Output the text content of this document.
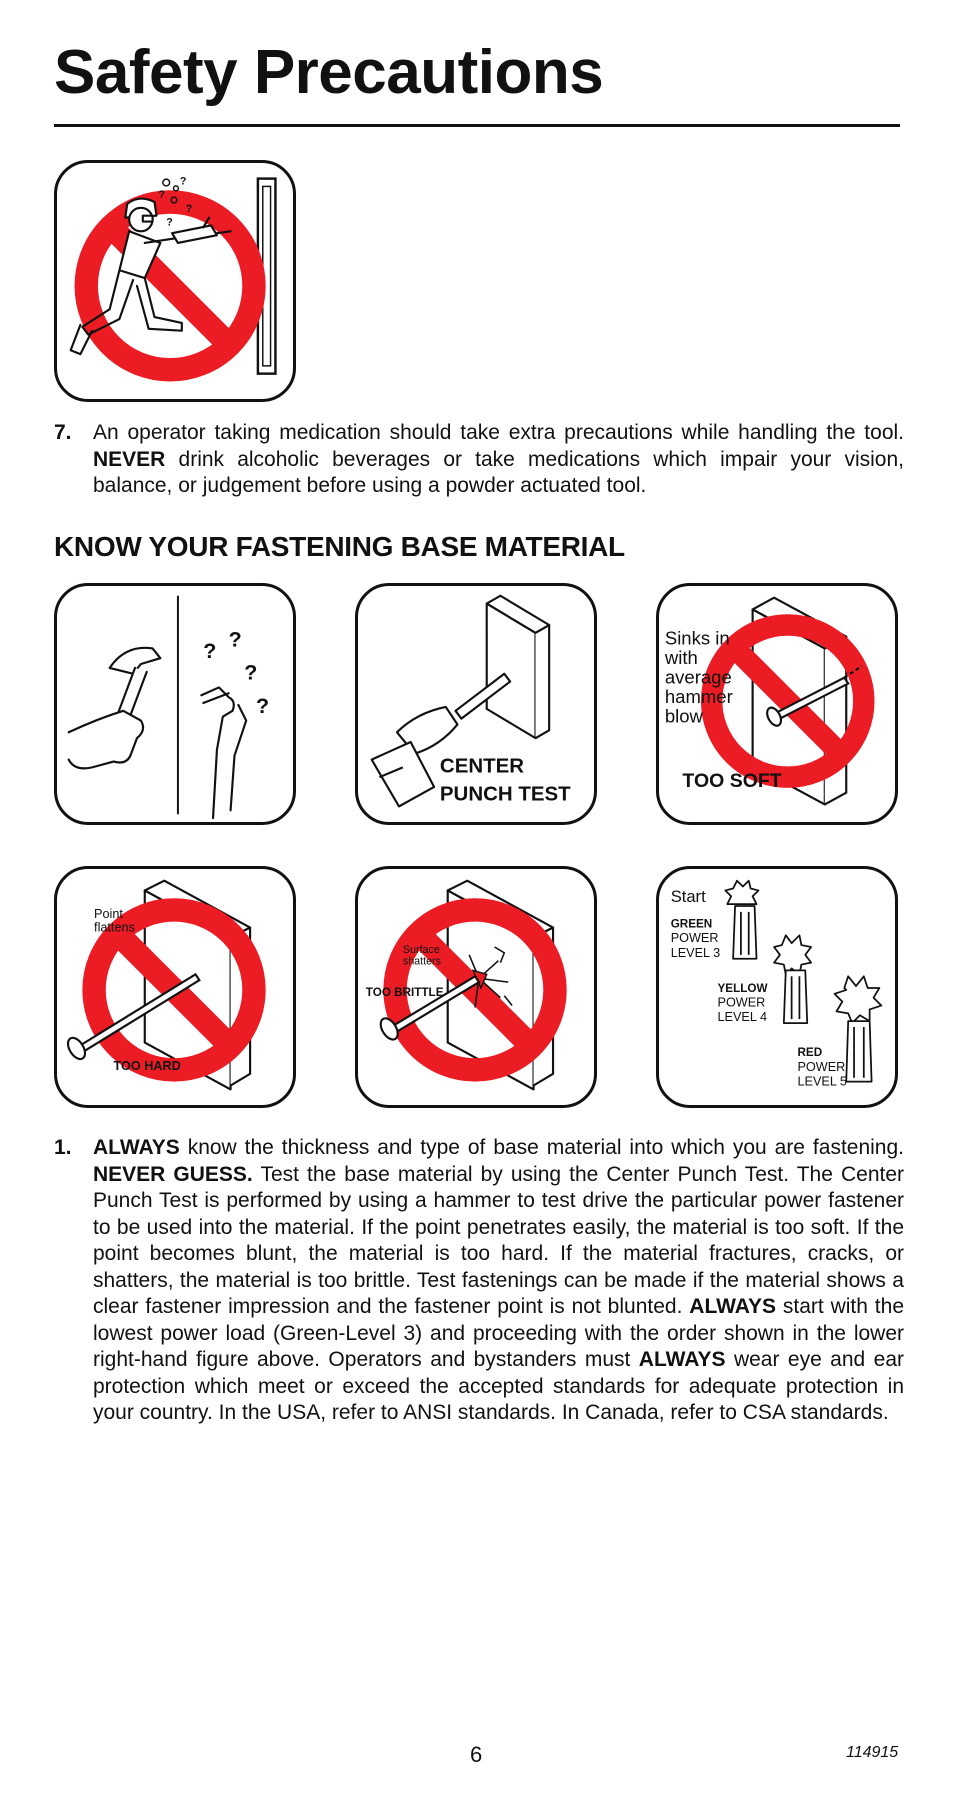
Safety Precautions
?
?
?
?
7. An operator taking medication should take extra precautions while handling the tool. NEVER drink alcoholic beverages or take medications which impair your vision, balance, or judgement before using a powder actuated tool.
KNOW YOUR FASTENING BASE MATERIAL
? ?
?
?
CENTER
PUNCH TEST
Sinks in
with
average
hammer
blow
TOO SOFT
Point
flattens
TOO HARD
Surface
shatters
TOO BRITTLE
Start
GREEN
POWER
LEVEL 3
YELLOW
POWER
LEVEL 4
RED
POWER
LEVEL 5
1. ALWAYS know the thickness and type of base material into which you are fastening. NEVER GUESS. Test the base material by using the Center Punch Test. The Center Punch Test is performed by using a hammer to test drive the particular power fastener to be used into the material. If the point penetrates easily, the material is too soft. If the point becomes blunt, the material is too hard. If the material fractures, cracks, or shatters, the material is too brittle. Test fastenings can be made if the material shows a clear fastener impression and the fastener point is not blunted. ALWAYS start with the lowest power load (Green-Level 3) and proceeding with the order shown in the lower right-hand figure above. Operators and bystanders must ALWAYS wear eye and ear protection which meet or exceed the accepted standards for adequate protection in your country. In the USA, refer to ANSI standards. In Canada, refer to CSA standards.
6	114915
